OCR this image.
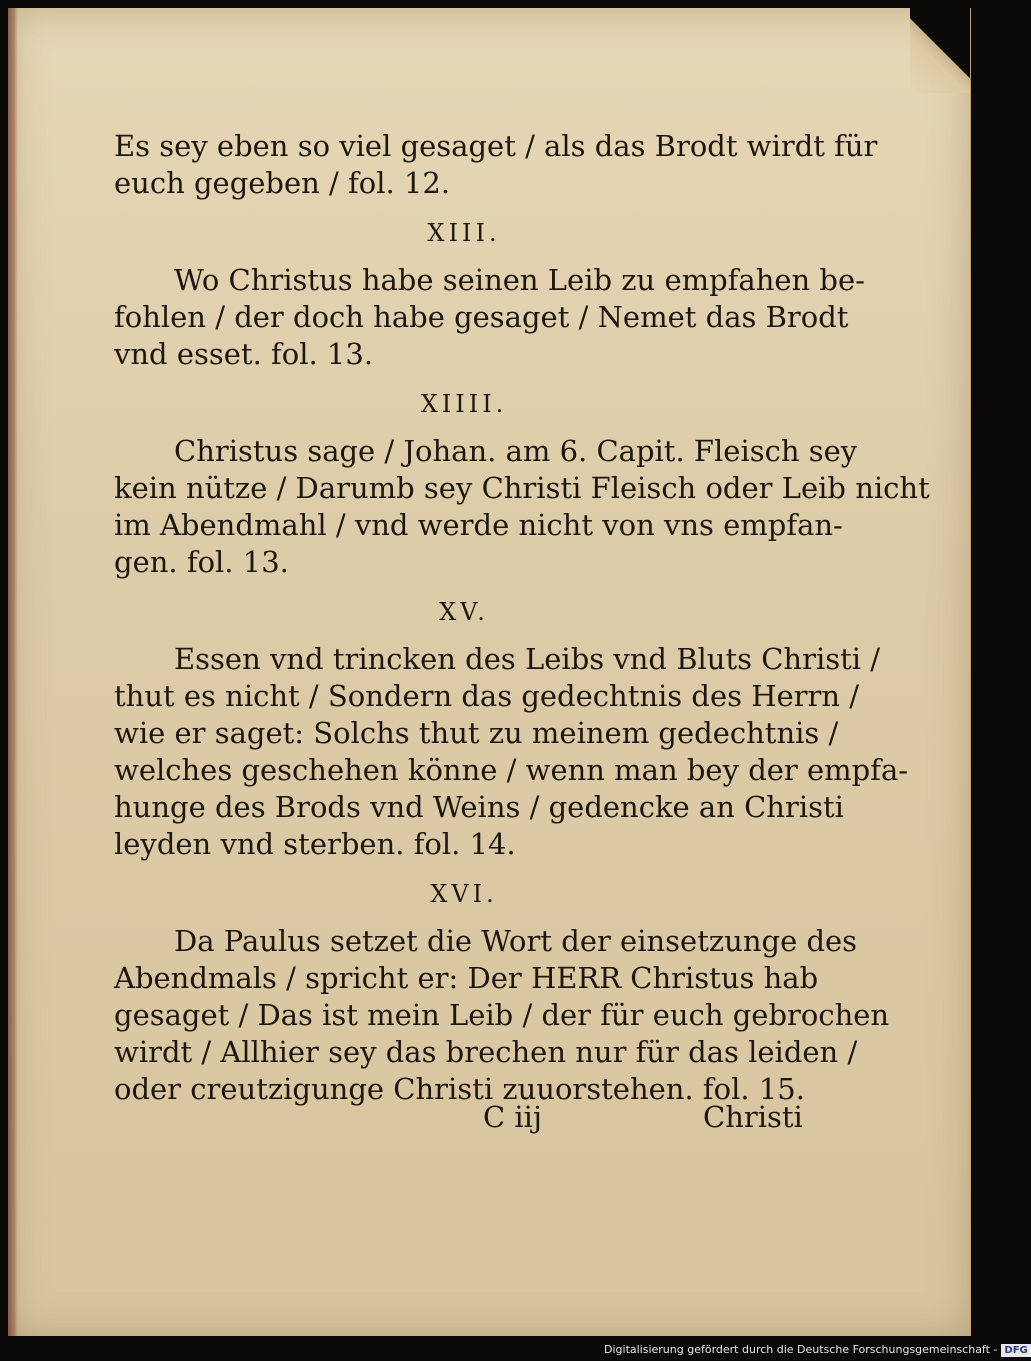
Es sey eben so viel gesaget / als das Brodt wirdt für
euch gegeben / fol. 12.
XIII.
Wo Christus habe seinen Leib zu empfahen be-
fohlen / der doch habe gesaget / Nemet das Brodt
vnd esset. fol. 13.
XIIII.
Christus sage / Johan. am 6. Capit. Fleisch sey
kein nütze / Darumb sey Christi Fleisch oder Leib nicht
im Abendmahl / vnd werde nicht von vns empfan-
gen. fol. 13.
XV.
Essen vnd trincken des Leibs vnd Bluts Christi /
thut es nicht / Sondern das gedechtnis des Herrn /
wie er saget: Solchs thut zu meinem gedechtnis /
welches geschehen könne / wenn man bey der empfa-
hunge des Brods vnd Weins / gedencke an Christi
leyden vnd sterben. fol. 14.
XVI.
Da Paulus setzet die Wort der einsetzunge des
Abendmals / spricht er: Der HERR Christus hab
gesaget / Das ist mein Leib / der für euch gebrochen
wirdt / Allhier sey das brechen nur für das leiden /
oder creutzigunge Christi zuuorstehen. fol. 15.
C iij	Christi
Digitalisierung gefördert durch die Deutsche Forschungsgemeinschaft - DFG
